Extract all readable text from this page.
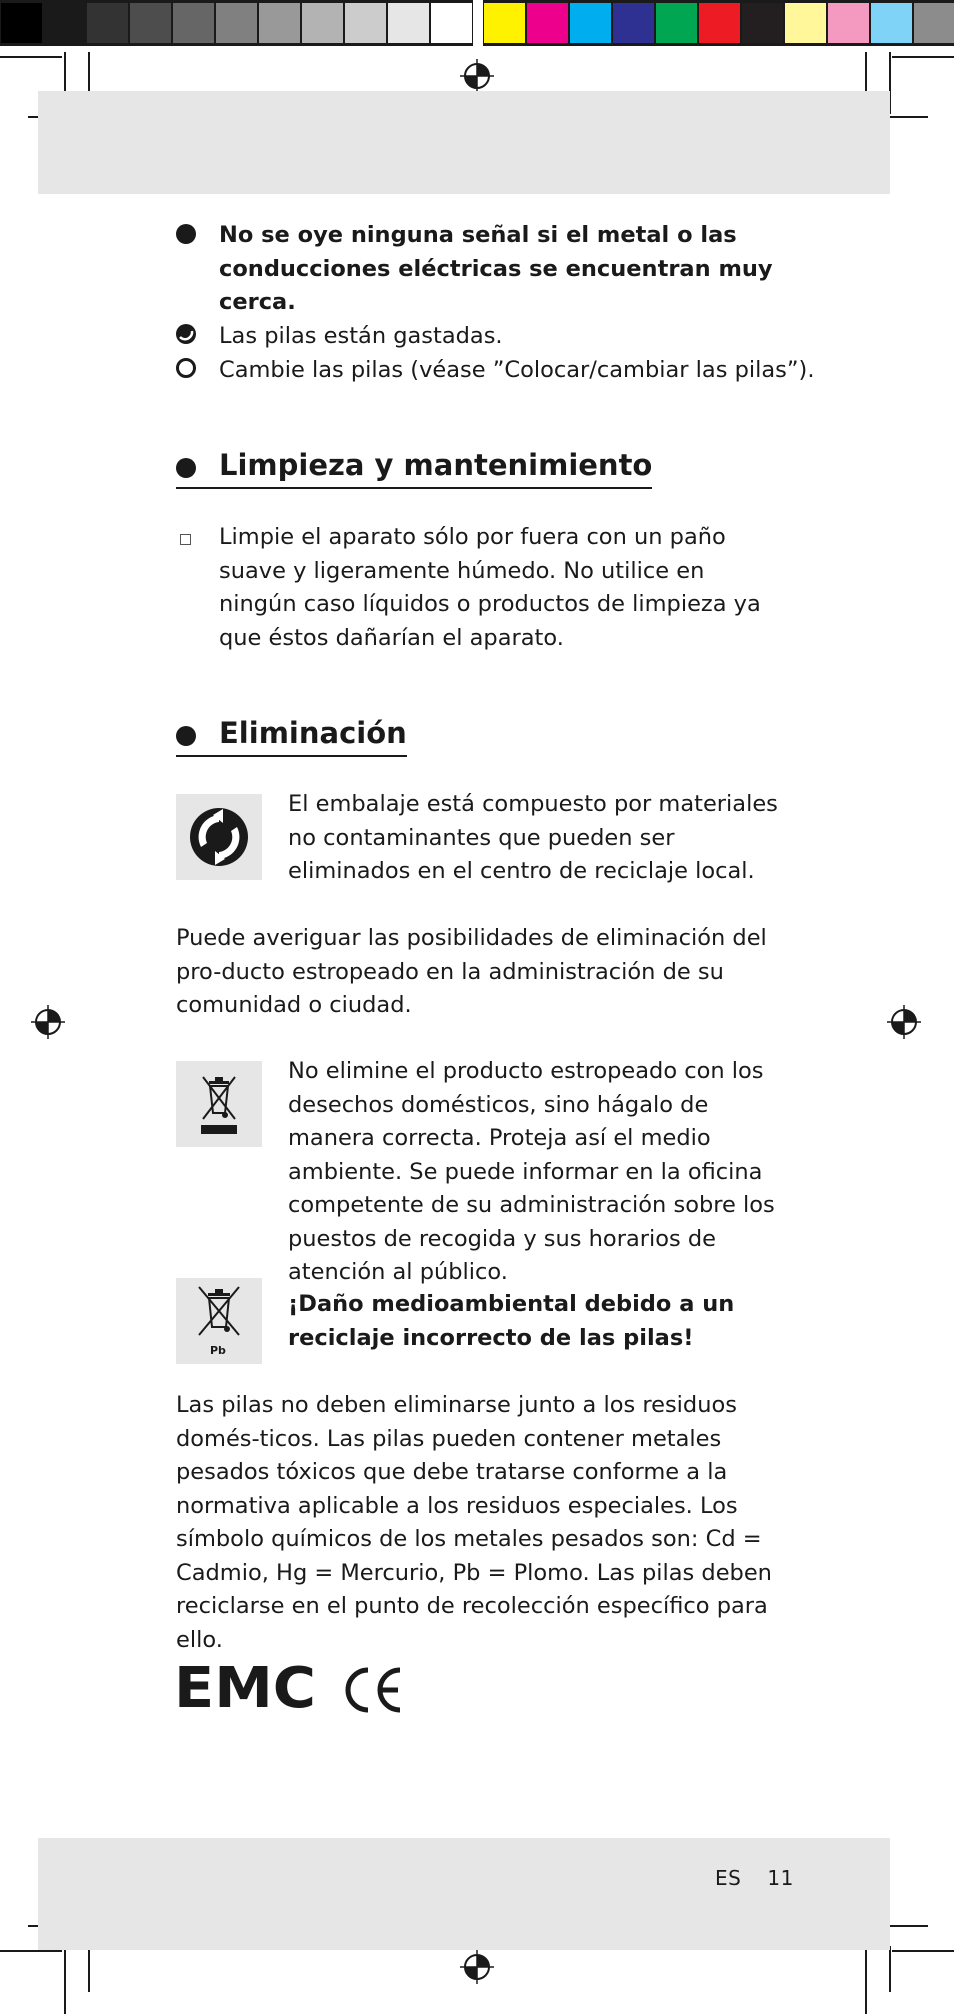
No se oye ninguna señal si el metal o las conducciones eléctricas se encuentran muy cerca.
Las pilas están gastadas.
Cambie las pilas (véase ”Colocar/cambiar las pilas”).
Limpieza y mantenimiento
Limpie el aparato sólo por fuera con un paño suave y ligeramente húmedo. No utilice en ningún caso líquidos o productos de limpieza ya que éstos dañarían el aparato.
Eliminación
El embalaje está compuesto por materiales no contaminantes que pueden ser eliminados en el centro de reciclaje local.
Puede averiguar las posibilidades de eliminación del pro-ducto estropeado en la administración de su comunidad o ciudad.
No elimine el producto estropeado con los desechos domésticos, sino hágalo de manera correcta. Proteja así el medio ambiente. Se puede informar en la oficina competente de su administración sobre los puestos de recogida y sus horarios de atención al público.
Pb
¡Daño medioambiental debido a un reciclaje incorrecto de las pilas!
Las pilas no deben eliminarse junto a los residuos domés-ticos. Las pilas pueden contener metales pesados tóxicos que debe tratarse conforme a la normativa aplicable a los residuos especiales. Los símbolo químicos de los metales pesados son: Cd = Cadmio, Hg = Mercurio, Pb = Plomo. Las pilas deben reciclarse en el punto de recolección específico para ello.
EMC
ES 11
